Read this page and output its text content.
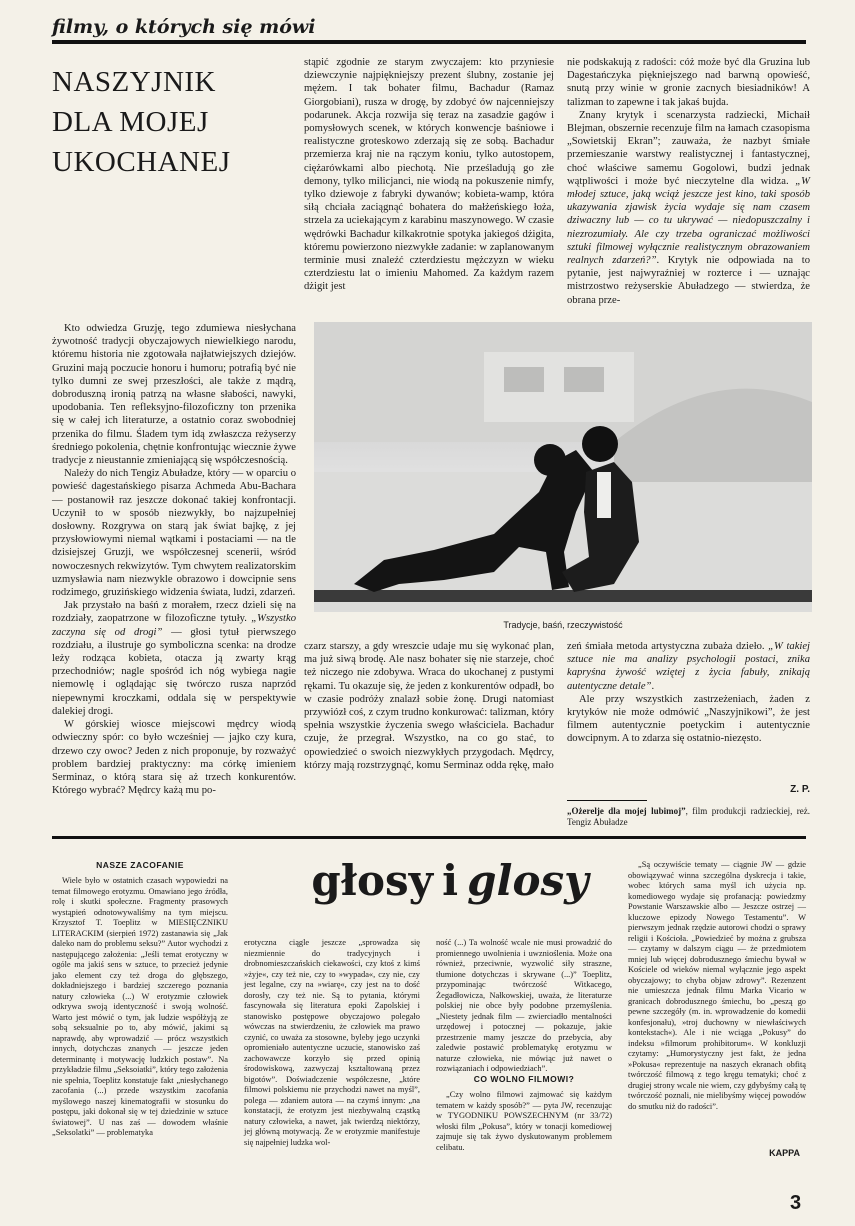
filmy, o których się mówi
NASZYJNIK
DLA MOJEJ
UKOCHANEJ

stąpić zgodnie ze starym zwyczajem: kto przyniesie dziewczynie najpiękniejszy prezent ślubny, zostanie jej mężem. I tak bohater filmu, Bachadur (Ramaz Giorgobiani), rusza w drogę, by zdobyć ów najcenniejszy podarunek. Akcja rozwija się teraz na zasadzie gagów i pomysłowych scenek, w których konwencje baśniowe i realistyczne groteskowo zderzają się ze sobą. Bachadur przemierza kraj nie na rączym koniu, tylko autostopem, ciężarówkami albo piechotą. Nie prześladują go złe demony, tylko milicjanci, nie wiodą na pokuszenie nimfy, tylko dziewoje z fabryki dywanów; kobieta-wamp, która siłą chciała zaciągnąć bohatera do małżeńskiego łoża, strzela za uciekającym z karabinu maszynowego. W czasie wędrówki Bachadur kilkakrotnie spotyka jakiegoś dżigita, któremu powierzono niezwykłe zadanie: w zaplanowanym terminie musi znaleźć czterdziestu mężczyzn w wieku czterdziestu lat o imieniu Mahomed. Za każdym razem dżigit jest

nie podskakują z radości: cóż może być dla Gruzina lub Dagestańczyka piękniejszego nad barwną opowieść, snutą przy winie w gronie zacnych biesiadników! A talizman to zapewne i tak jakaś bujda.

Znany krytyk i scenarzysta radziecki, Michaił Blejman, obszernie recenzuje film na łamach czasopisma „Sowietskij Ekran”; zauważa, że nazbyt śmiałe przemieszanie warstwy realistycznej i fantastycznej, choć właściwe samemu Gogolowi, budzi jednak wątpliwości i może być nieczytelne dla widza. „W młodej sztuce, jaką wciąż jeszcze jest kino, taki sposób ukazywania zjawisk życia wydaje się nam czasem dziwaczny lub — co tu ukrywać — niedopuszczalny i niezrozumiały. Ale czy trzeba ograniczać możliwości sztuki filmowej wyłącznie realistycznym obrazowaniem realnych zdarzeń?”. Krytyk nie odpowiada na to pytanie, jest najwyraźniej w rozterce i — uznając mistrzostwo reżyserskie Abuładzego — stwierdza, że obrana prze-

Kto odwiedza Gruzję, tego zdumiewa niesłychana żywotność tradycji obyczajowych niewielkiego narodu, któremu historia nie zgotowała najłatwiejszych dziejów. Gruzini mają poczucie honoru i humoru; potrafią być nie tylko dumni ze swej przeszłości, ale także z mądrą, dobroduszną ironią patrzą na własne słabości, nawyki, upodobania. Ten refleksyjno-filozoficzny ton przenika się w całej ich literaturze, a ostatnio coraz swobodniej przenika do filmu. Śladem tym idą zwłaszcza reżyserzy średniego pokolenia, chętnie konfrontując wiecznie żywe tradycje z nieustannie zmieniającą się współczesnością.

Należy do nich Tengiz Abuładze, który — w oparciu o powieść dagestańskiego pisarza Achmeda Abu-Bachara — postanowił raz jeszcze dokonać takiej konfrontacji. Uczynił to w sposób niezwykły, bo najzupełniej dosłowny. Rozgrywa on starą jak świat bajkę, z jej przysłowiowymi niemal wątkami i postaciami — na tle dzisiejszej Gruzji, we współczesnej scenerii, wśród nowoczesnych rekwizytów. Tym chwytem realizatorskim uzmysławia nam niezwykle obrazowo i dowcipnie sens rodzimego, gruzińskiego widzenia świata, ludzi, zdarzeń.

Jak przystało na baśń z morałem, rzecz dzieli się na rozdziały, zaopatrzone w filozoficzne tytuły. „Wszystko zaczyna się od drogi” — głosi tytuł pierwszego rozdziału, a ilustruje go symboliczna scenka: na drodze leży rodząca kobieta, otacza ją zwarty krąg przechodniów; nagle spośród ich nóg wybiega nagie niemowlę i oglądając się twórczo rusza naprzód niepewnymi kroczkami, oddala się w perspektywie dalekiej drogi.

W górskiej wiosce miejscowi mędrcy wiodą odwieczny spór: co było wcześniej — jajko czy kura, drzewo czy owoc? Jeden z nich proponuje, by rozważyć problem bardziej praktyczny: ma córkę imieniem Serminaz, o którą stara się aż trzech konkurentów. Którego wybrać? Mędrcy każą mu po-

Tradycje, baśń, rzeczywistość

czarz starszy, a gdy wreszcie udaje mu się wykonać plan, ma już siwą brodę. Ale nasz bohater się nie starzeje, choć też niczego nie zdobywa. Wraca do ukochanej z pustymi rękami. Tu okazuje się, że jeden z konkurentów odpadł, bo w czasie podróży znalazł sobie żonę. Drugi natomiast przywiózł coś, z czym trudno konkurować: talizman, który spełnia wszystkie życzenia swego właściciela. Bachadur czuje, że przegrał. Wszystko, na co go stać, to opowiedzieć o swoich niezwykłych przygodach. Mędrcy, którzy mają rozstrzygnąć, komu Serminaz odda rękę, mało

zeń śmiała metoda artystyczna zubaża dzieło. „W takiej sztuce nie ma analizy psychologii postaci, znika kapryśna żywość wziętej z życia fabuły, znikają autentyczne detale”.

Ale przy wszystkich zastrzeżeniach, żaden z krytyków nie może odmówić „Naszyjnikowi”, że jest filmem autentycznie poetyckim i autentycznie dowcipnym. A to zdarza się ostatnio-niezęsto.

Z. P.
„Ożerelje dla mojej lubimoj”, film produkcji radzieckiej, reż. Tengiz Abuładze
głosy i glosy
NASZE ZACOFANIE

Wiele było w ostatnich czasach wypowiedzi na temat filmowego erotyzmu. Omawiano jego źródła, rolę i skutki społeczne. Fragmenty prasowych wystąpień odnotowywaliśmy na tym miejscu. Krzysztof T. Toeplitz w MIESIĘCZNIKU LITERACKIM (sierpień 1972) zastanawia się „Jak daleko nam do problemu seksu?” Autor wychodzi z następującego założenia: „Jeśli temat erotyczny w ogóle ma jakiś sens w sztuce, to przecież jedynie jako element czy też droga do głębszego, dokładniejszego i bardziej szczerego poznania natury człowieka (...) W erotyzmie człowiek odkrywa swoją identyczność i swoją wolność. Warto jest mówić o tym, jak ludzie współżyją ze sobą seksualnie po to, aby mówić, jakimi są naprawdę, aby wprowadzić — prócz wszystkich innych, dotychczas znanych — jeszcze jeden determinantę i motywację ludzkich postaw”. Na przykładzie filmu „Seksoiatki”, który tego założenia nie spełnia, Toeplitz konstatuje fakt „niesłychanego zacofania (...) przede wszystkim zacofania myślowego naszej kinematografii w stosunku do postępu, jaki dokonał się w tej dziedzinie w sztuce światowej”. U nas zaś — dowodem właśnie „Seksolatki” — problematyka

erotyczna ciągle jeszcze „sprowadza się niezmiennie do tradycyjnych i drobnomieszczańskich ciekawości, czy ktoś z kimś »żyje«, czy też nie, czy to »wypada«, czy nie, czy jest legalne, czy na »wiarę«, czy jest na to dość dorosły, czy też nie. Są to pytania, którymi fascynowała się literatura epoki Zapolskiej i stanowisko postępowe obyczajowo polegało wówczas na stwierdzeniu, że człowiek ma prawo czynić, co uważa za stosowne, byleby jego uczynki opromieniało autentyczne uczucie, stanowisko zaś zachowawcze korzyło się przed opinią środowiskową, zazwyczaj ksztaltowaną przez bigotów”. Doświadczenie współczesne, „które filmowi polskiemu nie przychodzi nawet na myśl”, polega — zdaniem autora — na czymś innym: „na konstatacji, że erotyzm jest niezbywalną cząstką natury człowieka, a nawet, jak twierdzą niektórzy, jej główną motywacją. Że w erotyzmie manifestuje się najpełniej ludzka wol-

ność (...) Ta wolność wcale nie musi prowadzić do promiennego uwolnienia i uwznioślenia. Może ona również, przeciwnie, wyzwolić siły straszne, tłumione dotychczas i skrywane (...)” Toeplitz, przypominając twórczość Witkacego, Żegadłowicza, Nałkowskiej, uważa, że literaturze polskiej nie obce były podobne przemyślenia. „Niestety jednak film — zwierciadło mentalności urzędowej i potocznej — pokazuje, jakie przestrzenie mamy jeszcze do przebycia, aby zaledwie postawić problematykę erotyzmu w naturze człowieka, nie mówiąc już nawet o rozwiązaniach i odpowiedziach”.

CO WOLNO FILMOWI?

„Czy wolno filmowi zajmować się każdym tematem w każdy sposób?” — pyta JW, recenzując w TYGODNIKU POWSZECHNYM (nr 33/72) włoski film „Pokusa”, który w tonacji komediowej zajmuje się tak żywo dyskutowanym problemem celibatu.

„Są oczywiście tematy — ciągnie JW — gdzie obowiązywać winna szczególna dyskrecja i takie, wobec których sama myśl ich użycia np. komediowego wydaje się profanacją: powiedzmy Powstanie Warszawskie albo — Jeszcze ostrzej — kluczowe epizody Nowego Testamentu”. W pierwszym jednak rzędzie autorowi chodzi o sprawy religii i Kościoła. „Powiedzieć by można z grubsza — czytamy w dalszym ciągu — że przedmiotem mniej lub więcej dobrodusznego śmiechu bywał w Kościele od wieków niemal wyłącznie jego aspekt obyczajowy; to chyba objaw zdrowy”. Rezenzent nie umieszcza jednak filmu Marka Vicario w granicach dobrodusznego śmiechu, bo „peszą go pewne szczegóły (m. in. wprowadzenie do komedii konfesjonału), »troj duchowny w niewłaściwych kontekstach«). Ale i nie wciąga „Pokusy” do indeksu »filmorum prohibitorum«. W konkluzji czytamy: „Humorystyczny jest fakt, że jedna »Pokusa« reprezentuje na naszych ekranach obfitą twórczość filmową z tego kręgu tematyki; choć z drugiej strony wcale nie wiem, czy gdybyśmy całą tę twórczość poznali, nie mielibyśmy więcej powodów do smutku niż do radości”.

KAPPA
3
